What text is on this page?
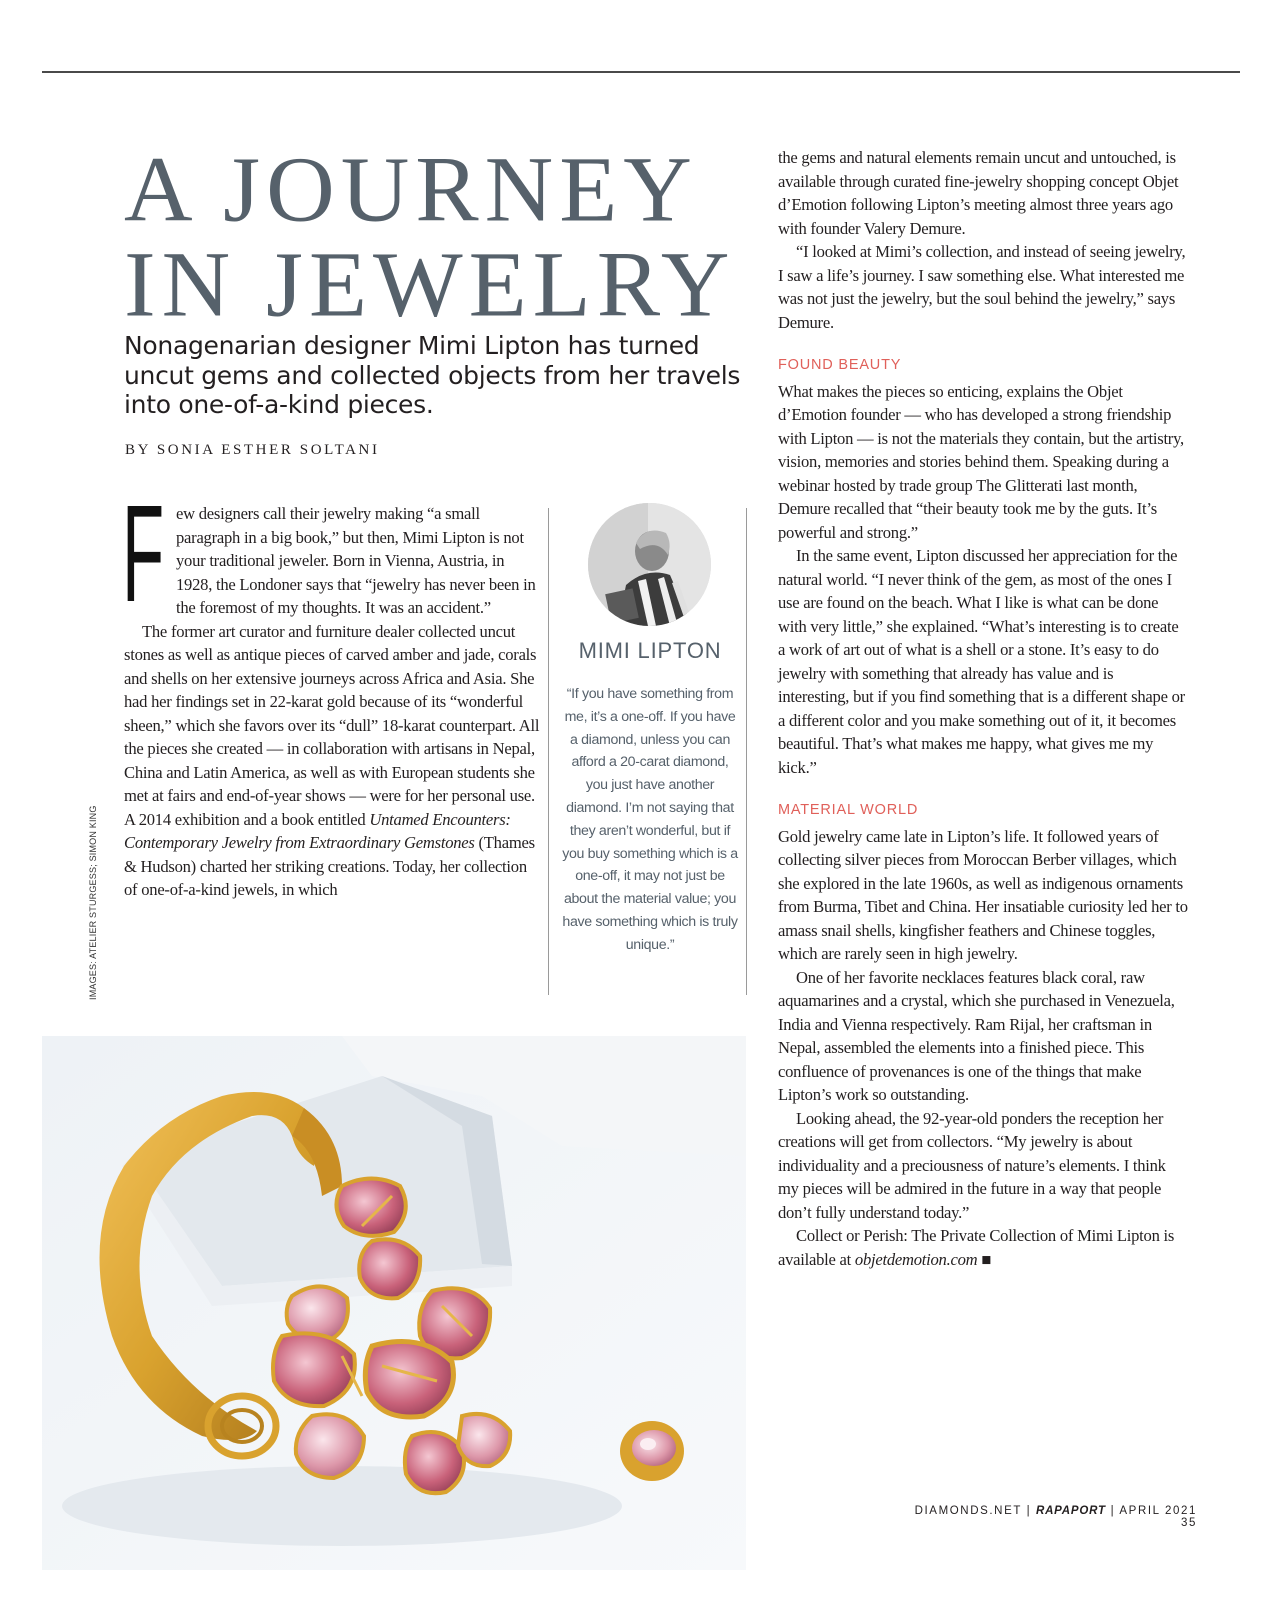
A JOURNEY
IN JEWELRY
Nonagenarian designer Mimi Lipton has turned uncut gems and collected objects from her travels into one-of-a-kind pieces.
BY SONIA ESTHER SOLTANI
F ew designers call their jewelry making “a small paragraph in a big book,” but then, Mimi Lipton is not your traditional jeweler. Born in Vienna, Austria, in 1928, the Londoner says that “jewelry has never been in the foremost of my thoughts. It was an accident.”

The former art curator and furniture dealer collected uncut stones as well as antique pieces of carved amber and jade, corals and shells on her extensive journeys across Africa and Asia. She had her findings set in 22-karat gold because of its “wonderful sheen,” which she favors over its “dull” 18-karat counterpart. All the pieces she created — in collaboration with artisans in Nepal, China and Latin America, as well as with European students she met at fairs and end-of-year shows — were for her personal use. A 2014 exhibition and a book entitled Untamed Encounters: Contemporary Jewelry from Extraordinary Gemstones (Thames & Hudson) charted her striking creations. Today, her collection of one-of-a-kind jewels, in which

MIMI LIPTON
“If you have something from me, it’s a one-off. If you have a diamond, unless you can afford a 20-carat diamond, you just have another diamond. I’m not saying that they aren’t wonderful, but if you buy something which is a one-off, it may not just be about the material value; you have something which is truly unique.”

the gems and natural elements remain uncut and untouched, is available through curated fine-jewelry shopping concept Objet d’Emotion following Lipton’s meeting almost three years ago with founder Valery Demure.

“I looked at Mimi’s collection, and instead of seeing jewelry, I saw a life’s journey. I saw something else. What interested me was not just the jewelry, but the soul behind the jewelry,” says Demure.

FOUND BEAUTY

What makes the pieces so enticing, explains the Objet d’Emotion founder — who has developed a strong friendship with Lipton — is not the materials they contain, but the artistry, vision, memories and stories behind them. Speaking during a webinar hosted by trade group The Glitterati last month, Demure recalled that “their beauty took me by the guts. It’s powerful and strong.”

In the same event, Lipton discussed her appreciation for the natural world. “I never think of the gem, as most of the ones I use are found on the beach. What I like is what can be done with very little,” she explained. “What’s interesting is to create a work of art out of what is a shell or a stone. It’s easy to do jewelry with something that already has value and is interesting, but if you find something that is a different shape or a different color and you make something out of it, it becomes beautiful. That’s what makes me happy, what gives me my kick.”

MATERIAL WORLD

Gold jewelry came late in Lipton’s life. It followed years of collecting silver pieces from Moroccan Berber villages, which she explored in the late 1960s, as well as indigenous ornaments from Burma, Tibet and China. Her insatiable curiosity led her to amass snail shells, kingfisher feathers and Chinese toggles, which are rarely seen in high jewelry.

One of her favorite necklaces features black coral, raw aquamarines and a crystal, which she purchased in Venezuela, India and Vienna respectively. Ram Rijal, her craftsman in Nepal, assembled the elements into a finished piece. This confluence of provenances is one of the things that make Lipton’s work so outstanding.

Looking ahead, the 92-year-old ponders the reception her creations will get from collectors. “My jewelry is about individuality and a preciousness of nature’s elements. I think my pieces will be admired in the future in a way that people don’t fully understand today.”

Collect or Perish: The Private Collection of Mimi Lipton is available at objetdemotion.com ■

IMAGES: ATELIER STURGESS; SIMON KING
DIAMONDS.NET | RAPAPORT | APRIL 2021 35
